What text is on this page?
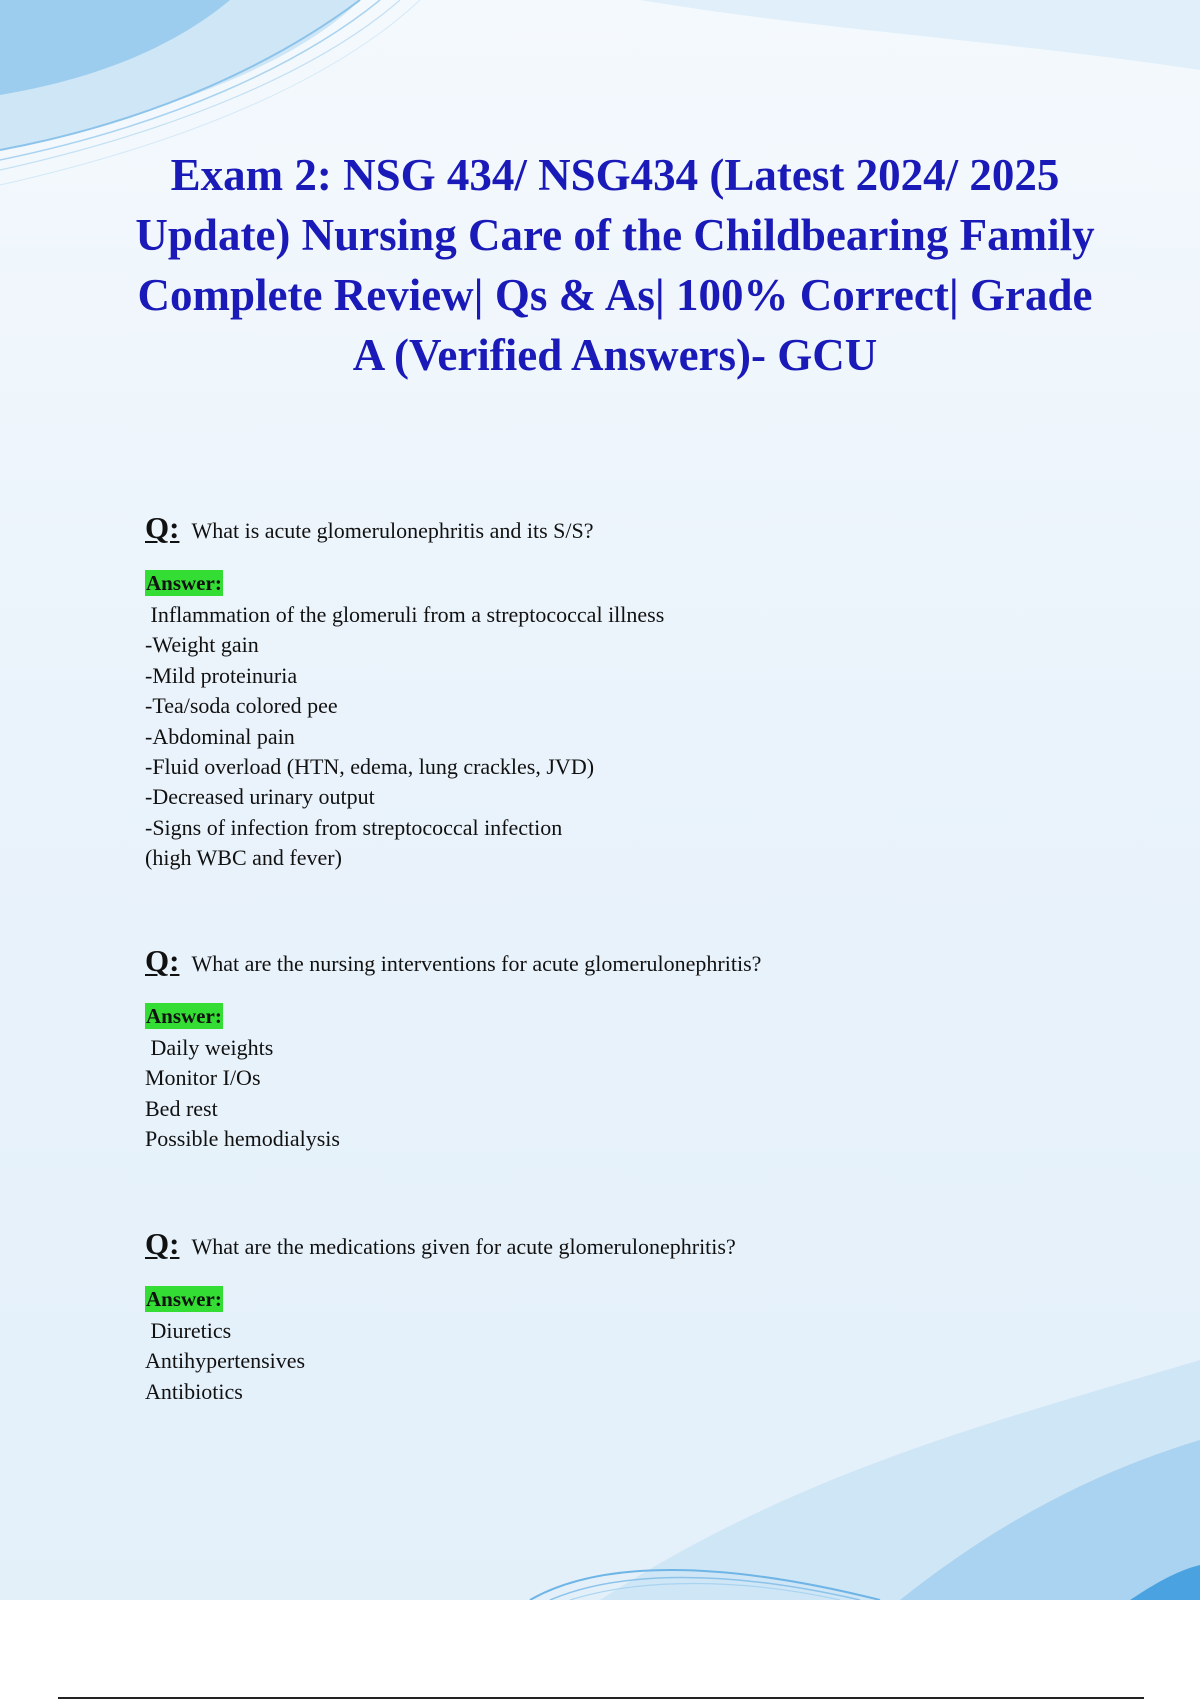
Exam 2: NSG 434/ NSG434 (Latest 2024/ 2025 Update) Nursing Care of the Childbearing Family Complete Review| Qs & As| 100% Correct| Grade A (Verified Answers)- GCU
Q: What is acute glomerulonephritis and its S/S?
Answer:
Inflammation of the glomeruli from a streptococcal illness
-Weight gain
-Mild proteinuria
-Tea/soda colored pee
-Abdominal pain
-Fluid overload (HTN, edema, lung crackles, JVD)
-Decreased urinary output
-Signs of infection from streptococcal infection
(high WBC and fever)
Q: What are the nursing interventions for acute glomerulonephritis?
Answer:
Daily weights
Monitor I/Os
Bed rest
Possible hemodialysis
Q: What are the medications given for acute glomerulonephritis?
Answer:
Diuretics
Antihypertensives
Antibiotics
